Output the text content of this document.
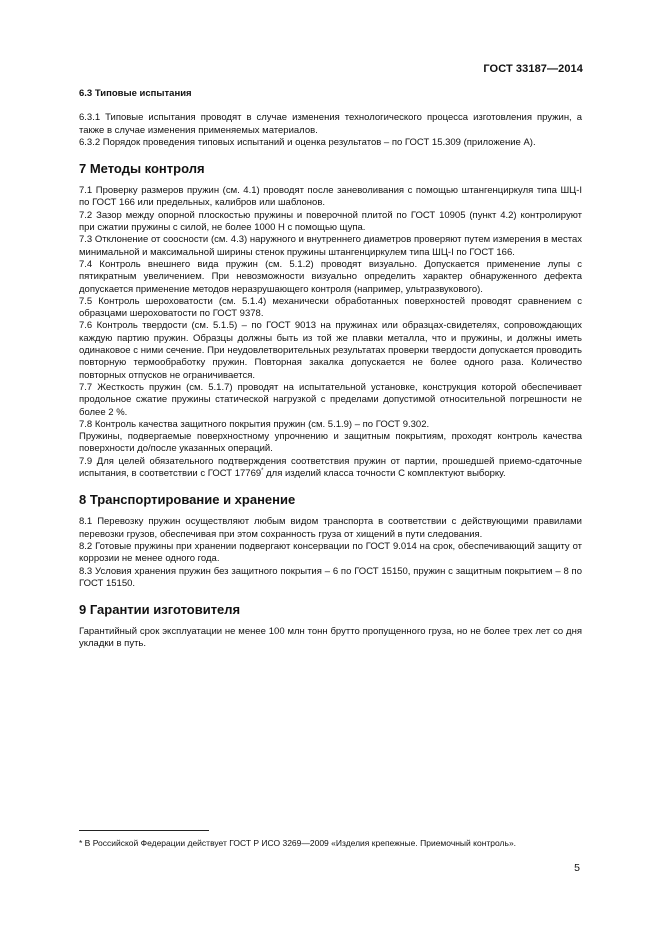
ГОСТ 33187—2014
6.3 Типовые испытания

6.3.1 Типовые испытания проводят в случае изменения технологического процесса изготовления пружин, а также в случае изменения применяемых материалов.

6.3.2 Порядок проведения типовых испытаний и оценка результатов – по ГОСТ 15.309 (приложение А).

7 Методы контроля

7.1 Проверку размеров пружин (см. 4.1) проводят после заневоливания с помощью штангенциркуля типа ШЦ-I по ГОСТ 166 или предельных, калибров или шаблонов.

7.2 Зазор между опорной плоскостью пружины и поверочной плитой по ГОСТ 10905 (пункт 4.2) контролируют при сжатии пружины с силой, не более 1000 Н с помощью щупа.

7.3 Отклонение от соосности (см. 4.3) наружного и внутреннего диаметров проверяют путем измерения в местах минимальной и максимальной ширины стенок пружины штангенциркулем типа ШЦ-I по ГОСТ 166.

7.4 Контроль внешнего вида пружин (см. 5.1.2) проводят визуально. Допускается применение лупы с пятикратным увеличением. При невозможности визуально определить характер обнаруженного дефекта допускается применение методов неразрушающего контроля (например, ультразвукового).

7.5 Контроль шероховатости (см. 5.1.4) механически обработанных поверхностей проводят сравнением с образцами шероховатости по ГОСТ 9378.

7.6 Контроль твердости (см. 5.1.5) – по ГОСТ 9013 на пружинах или образцах-свидетелях, сопровождающих каждую партию пружин. Образцы должны быть из той же плавки металла, что и пружины, и должны иметь одинаковое с ними сечение. При неудовлетворительных результатах проверки твердости допускается проводить повторную термообработку пружин. Повторная закалка допускается не более одного раза. Количество повторных отпусков не ограничивается.

7.7 Жесткость пружин (см. 5.1.7) проводят на испытательной установке, конструкция которой обеспечивает продольное сжатие пружины статической нагрузкой с пределами допустимой относительной погрешности не более 2 %.

7.8 Контроль качества защитного покрытия пружин (см. 5.1.9) – по ГОСТ 9.302.

Пружины, подвергаемые поверхностному упрочнению и защитным покрытиям, проходят контроль качества поверхности до/после указанных операций.

7.9 Для целей обязательного подтверждения соответствия пружин от партии, прошедшей приемо-сдаточные испытания, в соответствии с ГОСТ 17769* для изделий класса точности С комплектуют выборку.

8 Транспортирование и хранение

8.1 Перевозку пружин осуществляют любым видом транспорта в соответствии с действующими правилами перевозки грузов, обеспечивая при этом сохранность груза от хищений в пути следования.

8.2 Готовые пружины при хранении подвергают консервации по ГОСТ 9.014 на срок, обеспечивающий защиту от коррозии не менее одного года.

8.3 Условия хранения пружин без защитного покрытия – 6 по ГОСТ 15150, пружин с защитным покрытием – 8 по ГОСТ 15150.

9 Гарантии изготовителя

Гарантийный срок эксплуатации не менее 100 млн тонн брутто пропущенного груза, но не более трех лет со дня укладки в путь.

* В Российской Федерации действует ГОСТ Р ИСО 3269—2009 «Изделия крепежные. Приемочный контроль».
5
